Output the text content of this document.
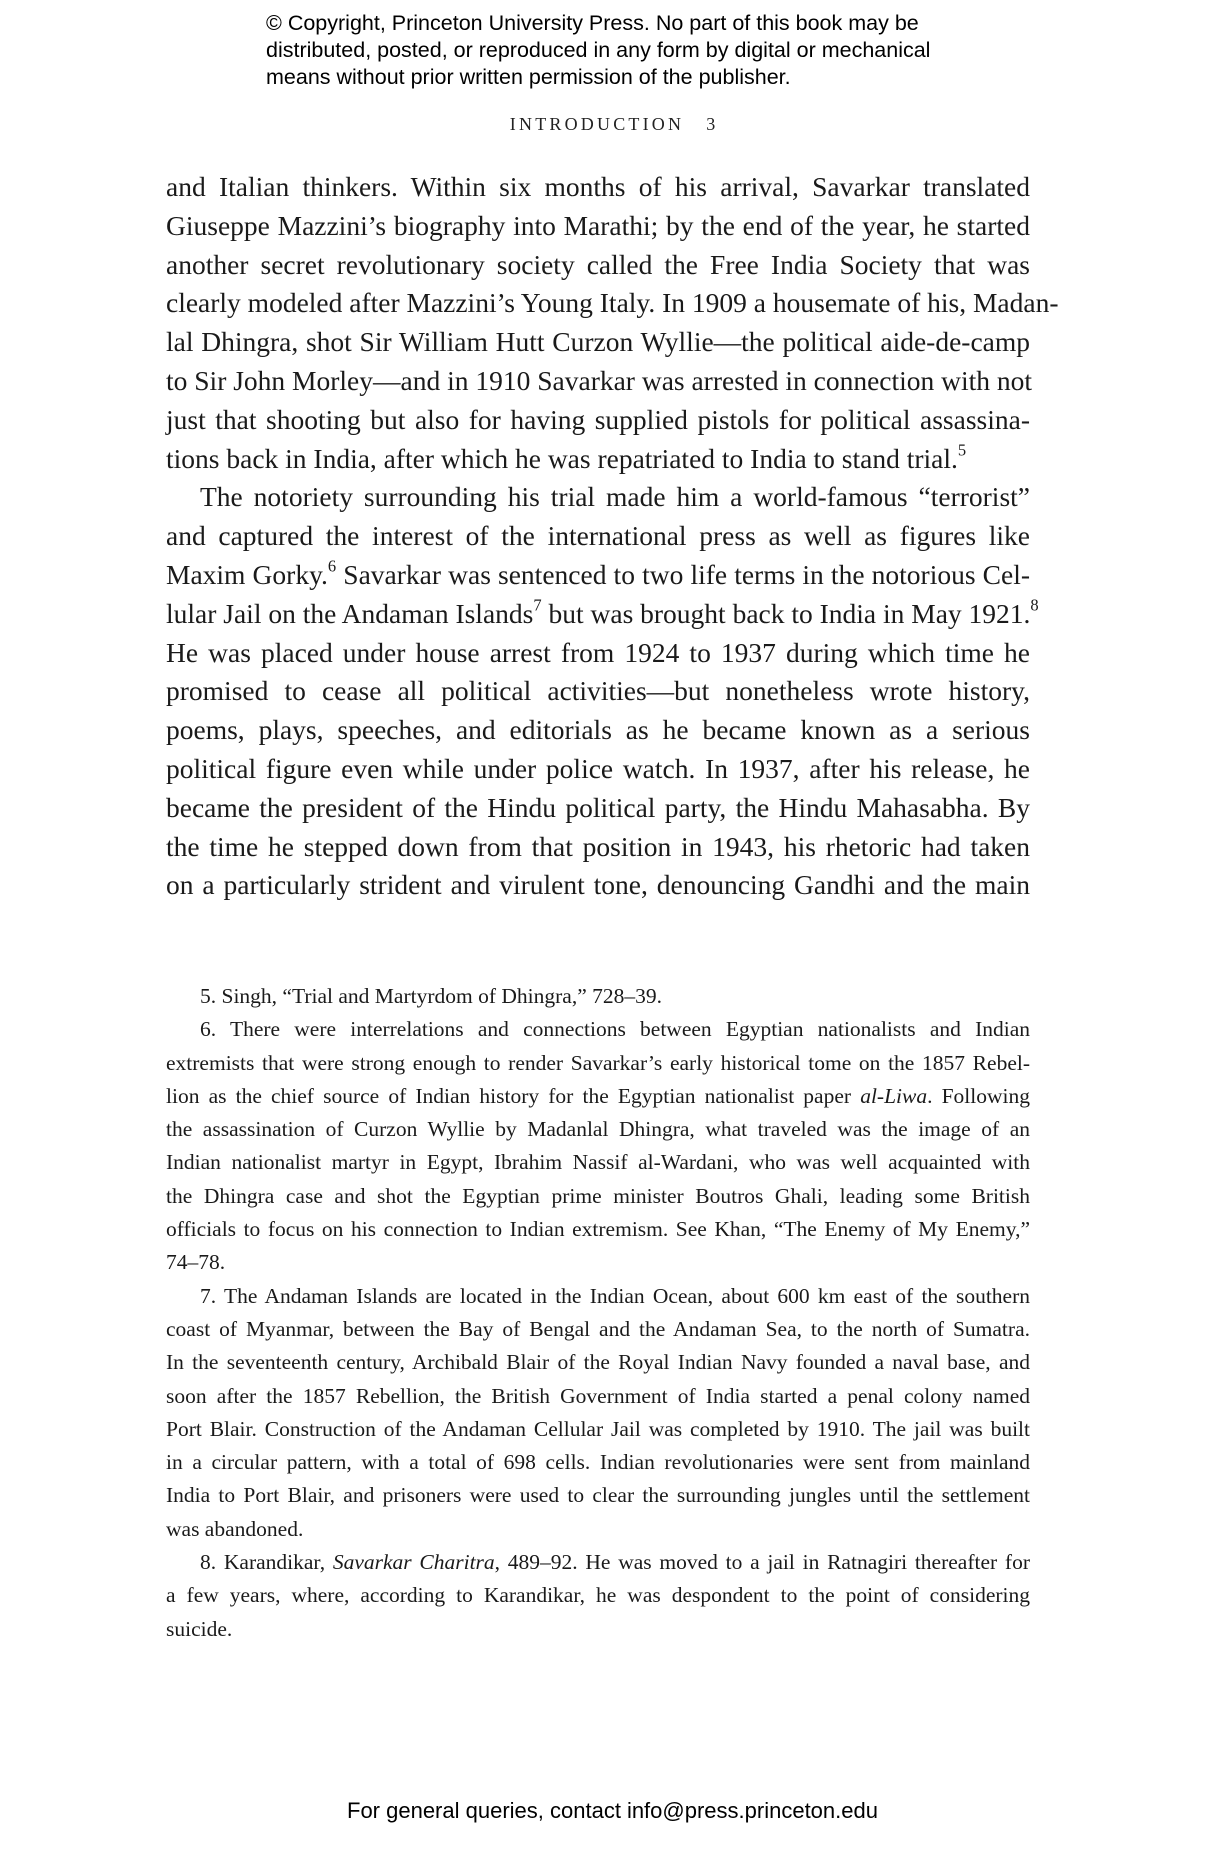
© Copyright, Princeton University Press. No part of this book may be
distributed, posted, or reproduced in any form by digital or mechanical
means without prior written permission of the publisher.
INTRODUCTION 3
and Italian thinkers. Within six months of his arrival, Savarkar translated
Giuseppe Mazzini’s biography into Marathi; by the end of the year, he started
another secret revolutionary society called the Free India Society that was
clearly modeled after Mazzini’s Young Italy. In 1909 a housemate of his, Madan-
lal Dhingra, shot Sir William Hutt Curzon Wyllie—the political aide-de-camp
to Sir John Morley—and in 1910 Savarkar was arrested in connection with not
just that shooting but also for having supplied pistols for political assassina-
tions back in India, after which he was repatriated to India to stand trial.$^5$
The notoriety surrounding his trial made him a world-famous “terrorist”
and captured the interest of the international press as well as figures like
Maxim Gorky.$^6$ Savarkar was sentenced to two life terms in the notorious Cel-
lular Jail on the Andaman Islands$^7$ but was brought back to India in May 1921.$^8$
He was placed under house arrest from 1924 to 1937 during which time he
promised to cease all political activities—but nonetheless wrote history,
poems, plays, speeches, and editorials as he became known as a serious
political figure even while under police watch. In 1937, after his release, he
became the president of the Hindu political party, the Hindu Mahasabha. By
the time he stepped down from that position in 1943, his rhetoric had taken
on a particularly strident and virulent tone, denouncing Gandhi and the main
5. Singh, “Trial and Martyrdom of Dhingra,” 728–39.
6. There were interrelations and connections between Egyptian nationalists and Indian
extremists that were strong enough to render Savarkar’s early historical tome on the 1857 Rebel-
lion as the chief source of Indian history for the Egyptian nationalist paper al-Liwa. Following
the assassination of Curzon Wyllie by Madanlal Dhingra, what traveled was the image of an
Indian nationalist martyr in Egypt, Ibrahim Nassif al-Wardani, who was well acquainted with
the Dhingra case and shot the Egyptian prime minister Boutros Ghali, leading some British
officials to focus on his connection to Indian extremism. See Khan, “The Enemy of My Enemy,”
74–78.
7. The Andaman Islands are located in the Indian Ocean, about 600 km east of the southern
coast of Myanmar, between the Bay of Bengal and the Andaman Sea, to the north of Sumatra.
In the seventeenth century, Archibald Blair of the Royal Indian Navy founded a naval base, and
soon after the 1857 Rebellion, the British Government of India started a penal colony named
Port Blair. Construction of the Andaman Cellular Jail was completed by 1910. The jail was built
in a circular pattern, with a total of 698 cells. Indian revolutionaries were sent from mainland
India to Port Blair, and prisoners were used to clear the surrounding jungles until the settlement
was abandoned.
8. Karandikar, Savarkar Charitra, 489–92. He was moved to a jail in Ratnagiri thereafter for
a few years, where, according to Karandikar, he was despondent to the point of considering
suicide.
For general queries, contact info@press.princeton.edu
